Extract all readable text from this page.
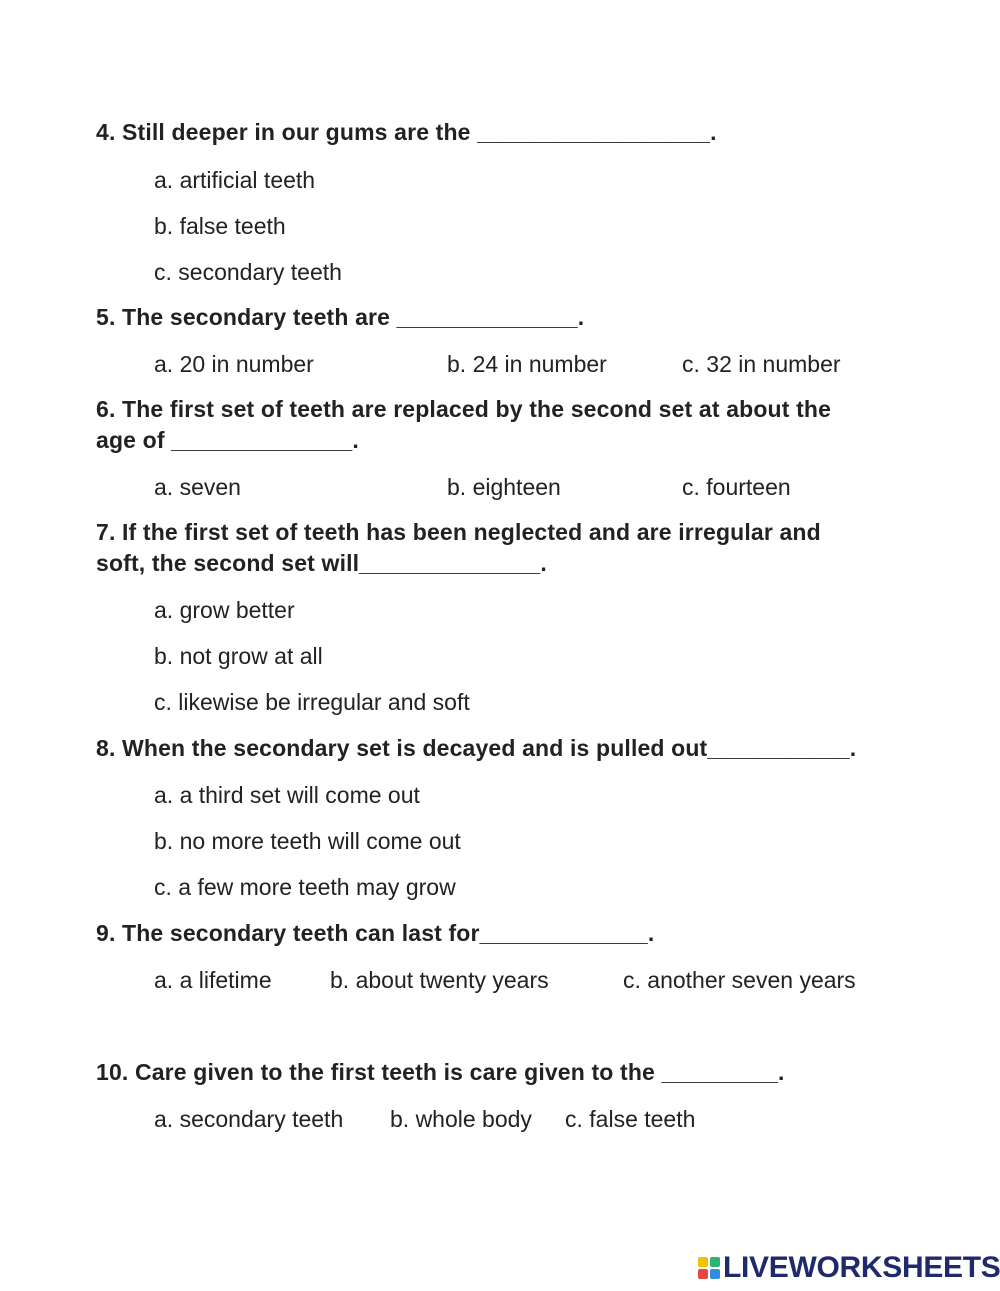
4. Still deeper in our gums are the __________________.

a. artificial teeth

b. false teeth

c. secondary teeth

5. The secondary teeth are ______________.

a. 20 in number	b. 24 in number	c. 32 in number

6. The first set of teeth are replaced by the second set at about the

age of ______________.

a. seven	b. eighteen	c. fourteen

7. If the first set of teeth has been neglected and are irregular and

soft, the second set will______________.

a. grow better

b. not grow at all

c. likewise be irregular and soft

8. When the secondary set is decayed and is pulled out___________.

a. a third set will come out

b. no more teeth will come out

c. a few more teeth may grow

9. The secondary teeth can last for_____________.

a. a lifetime	b. about twenty years	c. another seven years

10. Care given to the first teeth is care given to the _________.

a. secondary teeth b. whole body c. false teeth

LIVEWORKSHEETS
